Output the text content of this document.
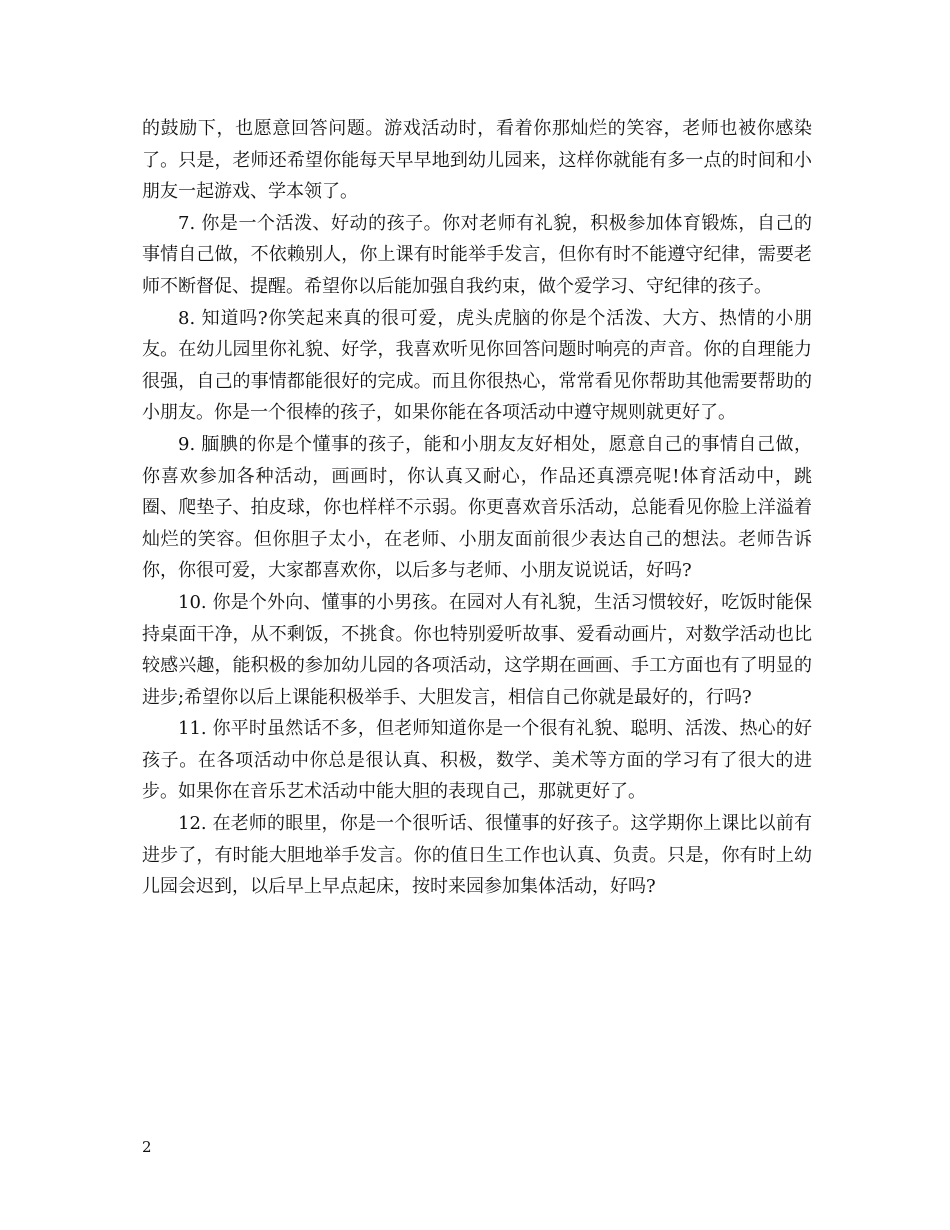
的鼓励下，也愿意回答问题。游戏活动时，看着你那灿烂的笑容，老师也被你感染了。只是，老师还希望你能每天早早地到幼儿园来，这样你就能有多一点的时间和小朋友一起游戏、学本领了。

7. 你是一个活泼、好动的孩子。你对老师有礼貌，积极参加体育锻炼，自己的事情自己做，不依赖别人，你上课有时能举手发言，但你有时不能遵守纪律，需要老师不断督促、提醒。希望你以后能加强自我约束，做个爱学习、守纪律的孩子。

8. 知道吗?你笑起来真的很可爱，虎头虎脑的你是个活泼、大方、热情的小朋友。在幼儿园里你礼貌、好学，我喜欢听见你回答问题时响亮的声音。你的自理能力很强，自己的事情都能很好的完成。而且你很热心，常常看见你帮助其他需要帮助的小朋友。你是一个很棒的孩子，如果你能在各项活动中遵守规则就更好了。

9. 腼腆的你是个懂事的孩子，能和小朋友友好相处，愿意自己的事情自己做，你喜欢参加各种活动，画画时，你认真又耐心，作品还真漂亮呢!体育活动中，跳圈、爬垫子、拍皮球，你也样样不示弱。你更喜欢音乐活动，总能看见你脸上洋溢着灿烂的笑容。但你胆子太小，在老师、小朋友面前很少表达自己的想法。老师告诉你，你很可爱，大家都喜欢你，以后多与老师、小朋友说说话，好吗?

10. 你是个外向、懂事的小男孩。在园对人有礼貌，生活习惯较好，吃饭时能保持桌面干净，从不剩饭，不挑食。你也特别爱听故事、爱看动画片，对数学活动也比较感兴趣，能积极的参加幼儿园的各项活动，这学期在画画、手工方面也有了明显的进步;希望你以后上课能积极举手、大胆发言，相信自己你就是最好的，行吗?

11. 你平时虽然话不多，但老师知道你是一个很有礼貌、聪明、活泼、热心的好孩子。在各项活动中你总是很认真、积极，数学、美术等方面的学习有了很大的进步。如果你在音乐艺术活动中能大胆的表现自己，那就更好了。

12. 在老师的眼里，你是一个很听话、很懂事的好孩子。这学期你上课比以前有进步了，有时能大胆地举手发言。你的值日生工作也认真、负责。只是，你有时上幼儿园会迟到，以后早上早点起床，按时来园参加集体活动，好吗?

2
